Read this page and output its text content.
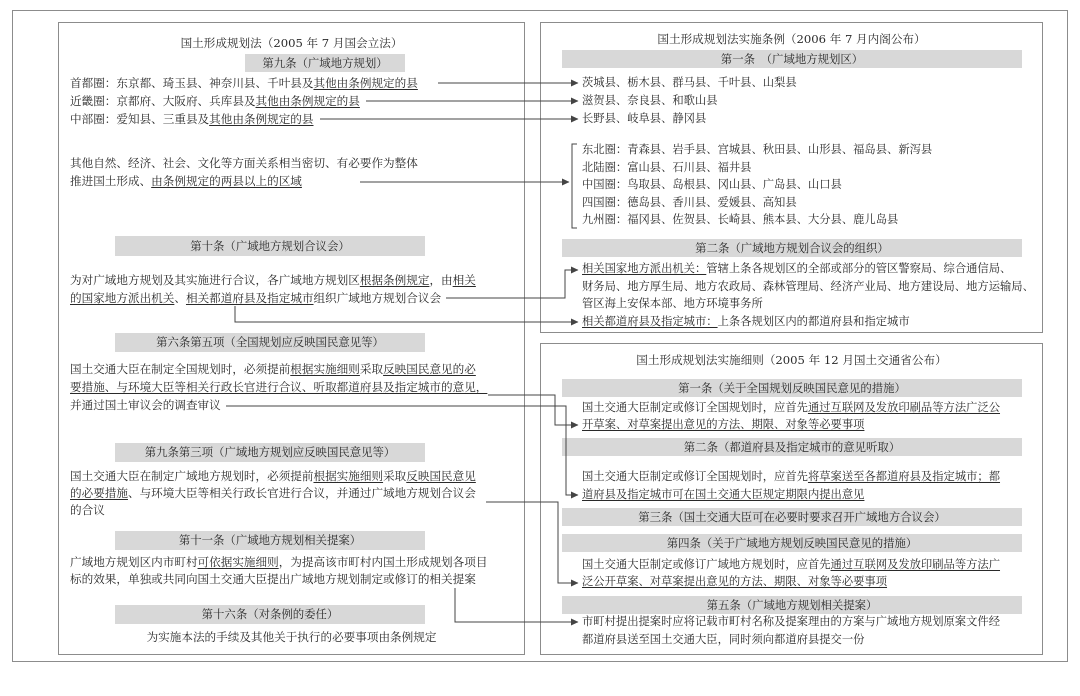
国土形成规划法（2005 年 7 月国会立法）
第九条（广域地方规划）
首都圈：东京都、琦玉县、神奈川县、千叶县及其他由条例规定的县
近畿圈：京都府、大阪府、兵库县及其他由条例规定的县
中部圈：爱知县、三重县及其他由条例规定的县
其他自然、经济、社会、文化等方面关系相当密切、有必要作为整体
推进国土形成、由条例规定的两县以上的区域
第十条（广域地方规划合议会）
为对广域地方规划及其实施进行合议，各广域地方规划区根据条例规定，由相关
的国家地方派出机关、相关都道府县及指定城市组织广域地方规划合议会
第六条第五项（全国规划应反映国民意见等）
国土交通大臣在制定全国规划时，必须提前根据实施细则采取反映国民意见的必
要措施、与环境大臣等相关行政长官进行合议、听取都道府县及指定城市的意见，
并通过国土审议会的调查审议
第九条第三项（广域地方规划应反映国民意见等）
国土交通大臣在制定广域地方规划时，必须提前根据实施细则采取反映国民意见
的必要措施、与环境大臣等相关行政长官进行合议，并通过广域地方规划合议会
的合议
第十一条（广域地方规划相关提案）
广域地方规划区内市町村可依据实施细则，为提高该市町村内国土形成规划各项目
标的效果，单独或共同向国土交通大臣提出广域地方规划制定或修订的相关提案
第十六条（对条例的委任）
为实施本法的手续及其他关于执行的必要事项由条例规定
国土形成规划法实施条例（2006 年 7 月内阁公布）
第一条　（广域地方规划区）
茨城县、栃木县、群马县、千叶县、山梨县
滋贺县、奈良县、和歌山县
长野县、岐阜县、静冈县
东北圈：青森县、岩手县、宫城县、秋田县、山形县、福岛县、新泻县
北陆圈：富山县、石川县、福井县
中国圈：鸟取县、岛根县、冈山县、广岛县、山口县
四国圈：德岛县、香川县、爱媛县、高知县
九州圈：福冈县、佐贺县、长崎县、熊本县、大分县、鹿儿岛县
第二条（广域地方规划合议会的组织）
相关国家地方派出机关：管辖上条各规划区的全部或部分的管区警察局、综合通信局、
财务局、地方厚生局、地方农政局、森林管理局、经济产业局、地方建设局、地方运输局、
管区海上安保本部、地方环境事务所
相关都道府县及指定城市：上条各规划区内的都道府县和指定城市
国土形成规划法实施细则（2005 年 12 月国土交通省公布）
第一条（关于全国规划反映国民意见的措施）
国土交通大臣制定或修订全国规划时，应首先通过互联网及发放印刷品等方法广泛公
开草案、对草案提出意见的方法、期限、对象等必要事项
第二条（都道府县及指定城市的意见听取）
国土交通大臣制定或修订全国规划时，应首先将草案送至各都道府县及指定城市；都
道府县及指定城市可在国土交通大臣规定期限内提出意见
第三条（国土交通大臣可在必要时要求召开广域地方合议会）
第四条（关于广域地方规划反映国民意见的措施）
国土交通大臣制定或修订广域地方规划时，应首先通过互联网及发放印刷品等方法广
泛公开草案、对草案提出意见的方法、期限、对象等必要事项
第五条（广域地方规划相关提案）
市町村提出提案时应将记载市町村名称及提案理由的方案与广域地方规划原案文件经
都道府县送至国土交通大臣，同时须向都道府县提交一份
